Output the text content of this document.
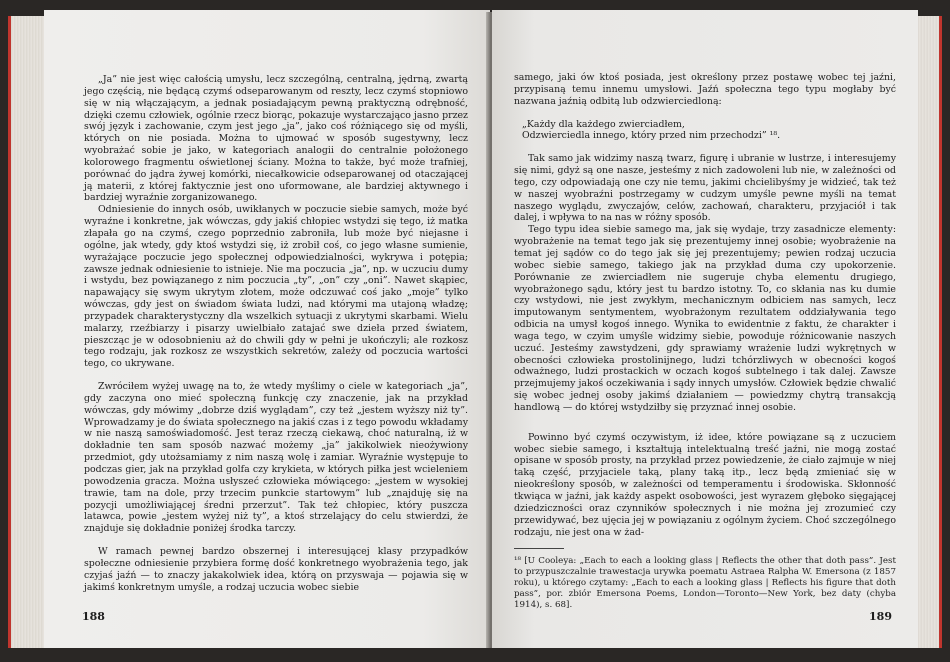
„Ja” nie jest więc całością umysłu, lecz szczególną, centralną, jędrną, zwartą jego częścią, nie będącą czymś odseparowanym od reszty, lecz czymś stopniowo się w nią włączającym, a jednak posiadającym pewną praktyczną odrębność, dzięki czemu człowiek, ogólnie rzecz biorąc, pokazuje wystarczająco jasno przez swój język i zachowanie, czym jest jego „ja”, jako coś różniącego się od myśli, których on nie posiada. Można to ujmować w sposób sugestywny, lecz wyobrażać sobie je jako, w kategoriach analogii do centralnie położonego kolorowego fragmentu oświetlonej ściany. Można to także, być może trafniej, porównać do jądra żywej komórki, niecałkowicie odseparowanej od otaczającej ją materii, z której faktycznie jest ono uformowane, ale bardziej aktywnego i bardziej wyraźnie zorganizowanego.

Odniesienie do innych osób, uwikłanych w poczucie siebie samych, może być wyraźne i konkretne, jak wówczas, gdy jakiś chłopiec wstydzi się tego, iż matka złapała go na czymś, czego poprzednio zabroniła, lub może być niejasne i ogólne, jak wtedy, gdy ktoś wstydzi się, iż zrobił coś, co jego własne sumienie, wyrażające poczucie jego społecznej odpowiedzialności, wykrywa i potępia; zawsze jednak odniesienie to istnieje. Nie ma poczucia „ja”, np. w uczuciu dumy i wstydu, bez powiązanego z nim poczucia „ty”, „on” czy „oni”. Nawet skąpiec, napawający się swym ukrytym złotem, może odczuwać coś jako „moje” tylko wówczas, gdy jest on świadom świata ludzi, nad którymi ma utajoną władzę; przypadek charakterystyczny dla wszelkich sytuacji z ukrytymi skarbami. Wielu malarzy, rzeźbiarzy i pisarzy uwielbiało zatajać swe dzieła przed światem, pieszcząc je w odosobnieniu aż do chwili gdy w pełni je ukończyli; ale rozkosz tego rodzaju, jak rozkosz ze wszystkich sekretów, zależy od poczucia wartości tego, co ukrywane.

Zwróciłem wyżej uwagę na to, że wtedy myślimy o ciele w kategoriach „ja”, gdy zaczyna ono mieć społeczną funkcję czy znaczenie, jak na przykład wówczas, gdy mówimy „dobrze dziś wyglądam”, czy też „jestem wyższy niż ty”. Wprowadzamy je do świata społecznego na jakiś czas i z tego powodu wkładamy w nie naszą samoświadomość. Jest teraz rzeczą ciekawą, choć naturalną, iż w dokładnie ten sam sposób nazwać możemy „ja” jakikolwiek nieożywiony przedmiot, gdy utożsamiamy z nim naszą wolę i zamiar. Wyraźnie występuje to podczas gier, jak na przykład golfa czy krykieta, w których piłka jest wcieleniem powodzenia gracza. Można usłyszeć człowieka mówiącego: „jestem w wysokiej trawie, tam na dole, przy trzecim punkcie startowym” lub „znajduję się na pozycji umożliwiającej średni przerzut”. Tak też chłopiec, który puszcza latawca, powie „jestem wyżej niż ty”, a ktoś strzelający do celu stwierdzi, że znajduje się dokładnie poniżej środka tarczy.

W ramach pewnej bardzo obszernej i interesującej klasy przypadków społeczne odniesienie przybiera formę dość konkretnego wyobrażenia tego, jak czyjaś jaźń — to znaczy jakakolwiek idea, którą on przyswaja — pojawia się w jakimś konkretnym umyśle, a rodzaj uczucia wobec siebie

188

samego, jaki ów ktoś posiada, jest określony przez postawę wobec tej jaźni, przypisaną temu innemu umysłowi. Jaźń społeczna tego typu mogłaby być nazwana jaźnią odbitą lub odzwierciedloną:

„Każdy dla każdego zwierciadłem,

Odzwierciedla innego, który przed nim przechodzi” ¹⁸.

Tak samo jak widzimy naszą twarz, figurę i ubranie w lustrze, i interesujemy się nimi, gdyż są one nasze, jesteśmy z nich zadowoleni lub nie, w zależności od tego, czy odpowiadają one czy nie temu, jakimi chcielibyśmy je widzieć, tak też w naszej wyobraźni postrzegamy w cudzym umyśle pewne myśli na temat naszego wyglądu, zwyczajów, celów, zachowań, charakteru, przyjaciół i tak dalej, i wpływa to na nas w różny sposób.

Tego typu idea siebie samego ma, jak się wydaje, trzy zasadnicze elementy: wyobrażenie na temat tego jak się prezentujemy innej osobie; wyobrażenie na temat jej sądów co do tego jak się jej prezentujemy; pewien rodzaj uczucia wobec siebie samego, takiego jak na przykład duma czy upokorzenie. Porównanie ze zwierciadłem nie sugeruje chyba elementu drugiego, wyobrażonego sądu, który jest tu bardzo istotny. To, co skłania nas ku dumie czy wstydowi, nie jest zwykłym, mechanicznym odbiciem nas samych, lecz imputowanym sentymentem, wyobrażonym rezultatem oddziaływania tego odbicia na umysł kogoś innego. Wynika to ewidentnie z faktu, że charakter i waga tego, w czyim umyśle widzimy siebie, powoduje różnicowanie naszych uczuć. Jesteśmy zawstydzeni, gdy sprawiamy wrażenie ludzi wykrętnych w obecności człowieka prostolinijnego, ludzi tchórzliwych w obecności kogoś odważnego, ludzi prostackich w oczach kogoś subtelnego i tak dalej. Zawsze przejmujemy jakoś oczekiwania i sądy innych umysłów. Człowiek będzie chwalić się wobec jednej osoby jakimś działaniem — powiedzmy chytrą transakcją handlową — do której wstydziłby się przyznać innej osobie.

Powinno być czymś oczywistym, iż idee, które powiązane są z uczuciem wobec siebie samego, i kształtują intelektualną treść jaźni, nie mogą zostać opisane w sposób prosty, na przykład przez powiedzenie, że ciało zajmuje w niej taką część, przyjaciele taką, plany taką itp., lecz będą zmieniać się w nieokreślony sposób, w zależności od temperamentu i środowiska. Skłonność tkwiąca w jaźni, jak każdy aspekt osobowości, jest wyrazem głęboko sięgającej dziedziczności oraz czynników społecznych i nie można jej zrozumieć czy przewidywać, bez ujęcia jej w powiązaniu z ogólnym życiem. Choć szczególnego rodzaju, nie jest ona w żad-

¹⁸ [U Cooleya: „Each to each a looking glass | Reflects the other that doth pass”. Jest to przypuszczalnie trawestacja urywka poematu Astraea Ralpha W. Emersona (z 1857 roku), u którego czytamy: „Each to each a looking glass | Reflects his figure that doth pass”, por. zbiór Emersona Poems, London—Toronto—New York, bez daty (chyba 1914), s. 68].
189
